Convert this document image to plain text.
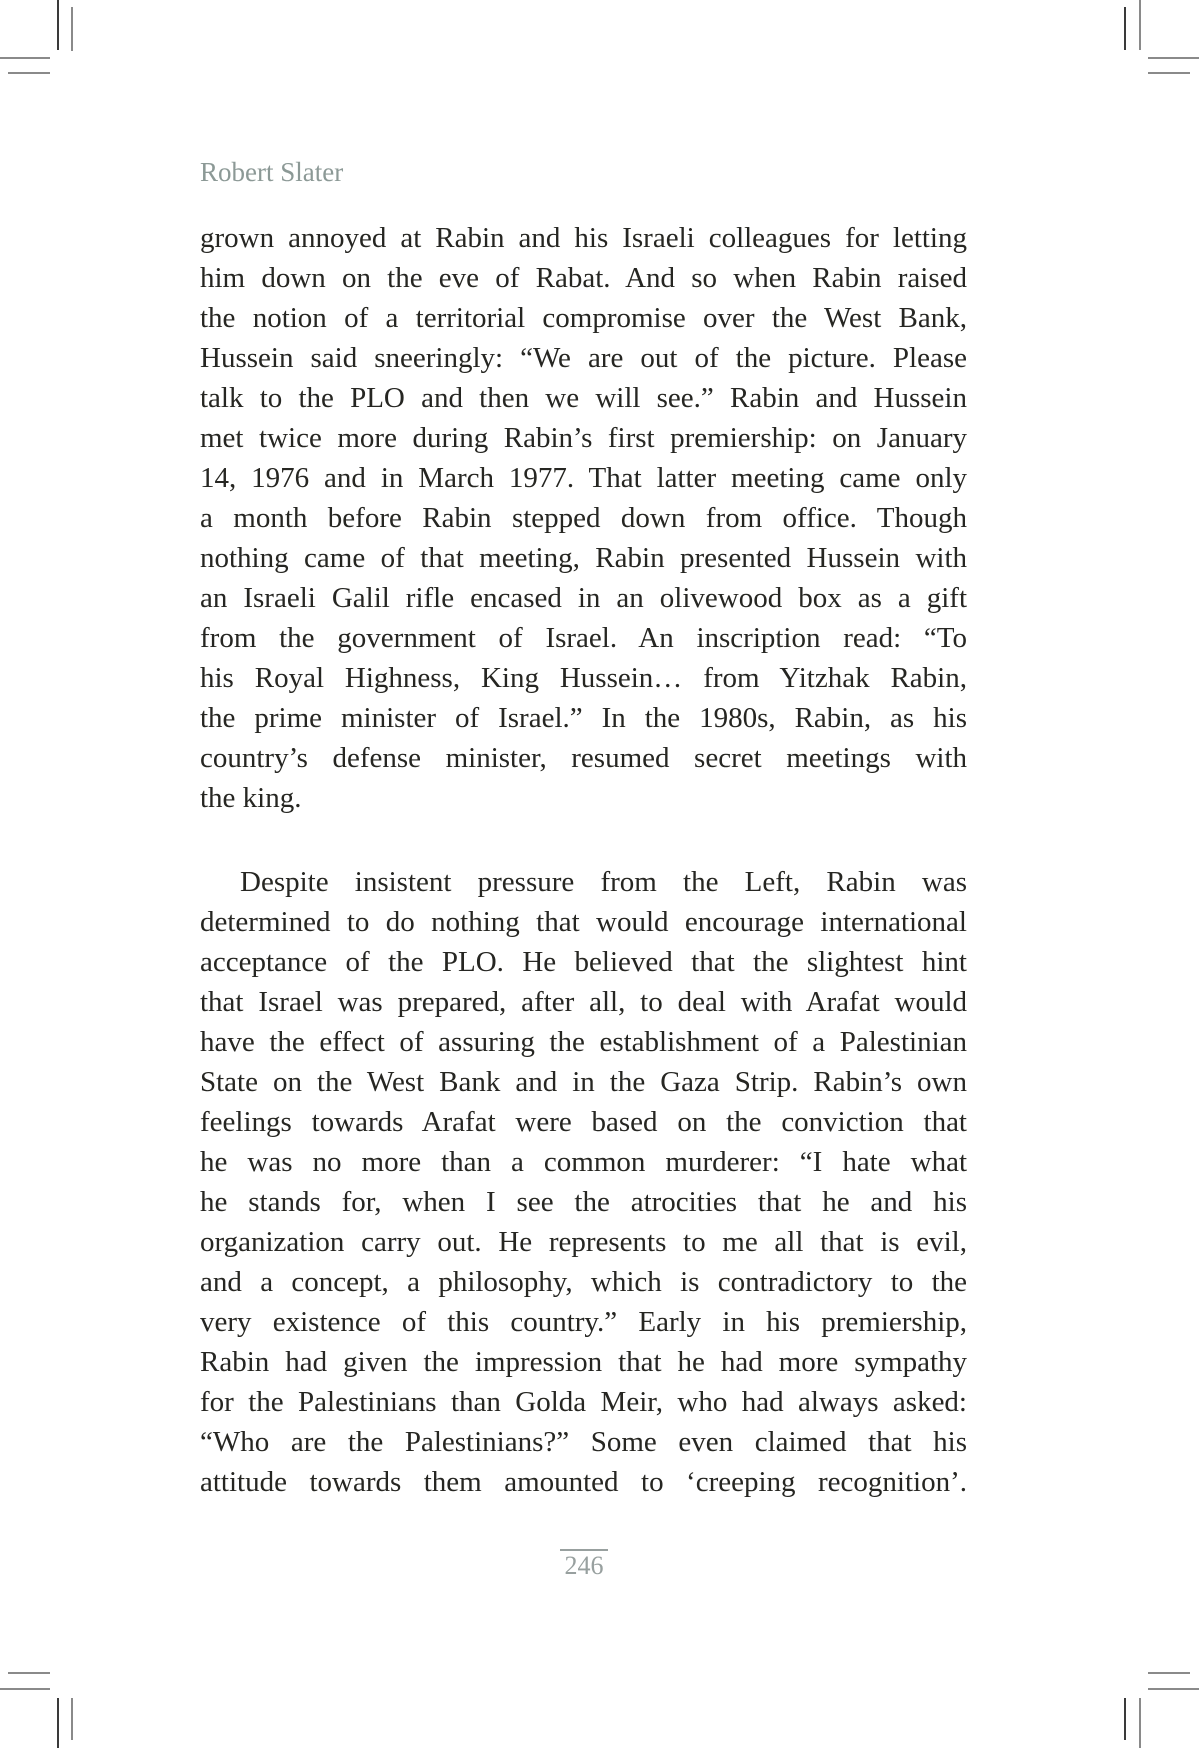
Robert Slater
grown annoyed at Rabin and his Israeli colleagues for letting
him down on the eve of Rabat. And so when Rabin raised
the notion of a territorial compromise over the West Bank,
Hussein said sneeringly: “We are out of the picture. Please
talk to the PLO and then we will see.” Rabin and Hussein
met twice more during Rabin’s first premiership: on January
14, 1976 and in March 1977. That latter meeting came only
a month before Rabin stepped down from office. Though
nothing came of that meeting, Rabin presented Hussein with
an Israeli Galil rifle encased in an olivewood box as a gift
from the government of Israel. An inscription read: “To
his Royal Highness, King Hussein… from Yitzhak Rabin,
the prime minister of Israel.” In the 1980s, Rabin, as his
country’s defense minister, resumed secret meetings with
the king.
Despite insistent pressure from the Left, Rabin was
determined to do nothing that would encourage international
acceptance of the PLO. He believed that the slightest hint
that Israel was prepared, after all, to deal with Arafat would
have the effect of assuring the establishment of a Palestinian
State on the West Bank and in the Gaza Strip. Rabin’s own
feelings towards Arafat were based on the conviction that
he was no more than a common murderer: “I hate what
he stands for, when I see the atrocities that he and his
organization carry out. He represents to me all that is evil,
and a concept, a philosophy, which is contradictory to the
very existence of this country.” Early in his premiership,
Rabin had given the impression that he had more sympathy
for the Palestinians than Golda Meir, who had always asked:
“Who are the Palestinians?” Some even claimed that his
attitude towards them amounted to ‘creeping recognition’.
246
